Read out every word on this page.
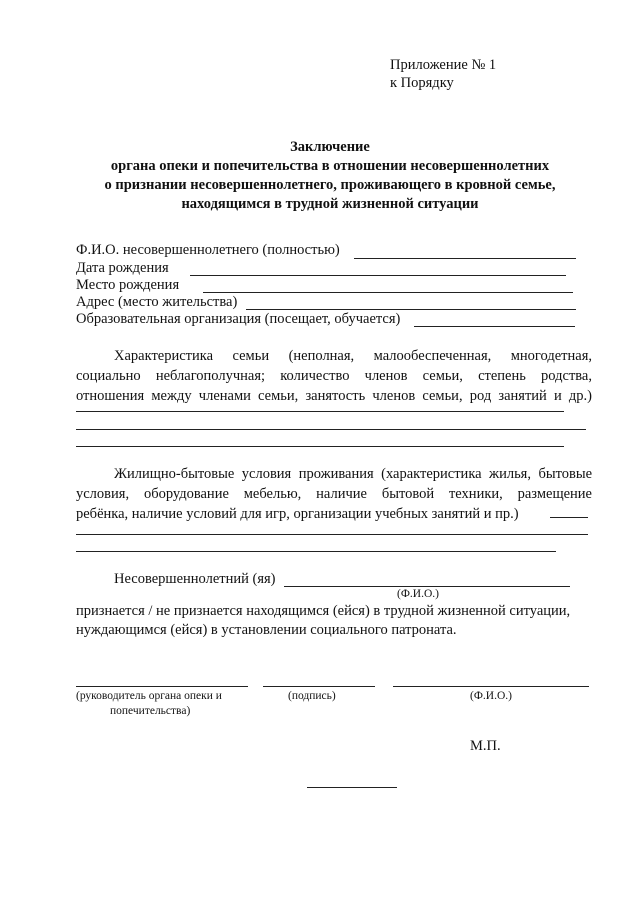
Приложение № 1
к Порядку
Заключение
органа опеки и попечительства в отношении несовершеннолетних
о признании несовершеннолетнего, проживающего в кровной семье,
находящимся в трудной жизненной ситуации
Ф.И.О. несовершеннолетнего (полностью)
Дата рождения
Место рождения
Адрес (место жительства)
Образовательная организация (посещает, обучается)
Характеристика семьи (неполная, малообеспеченная, многодетная,
социально неблагополучная; количество членов семьи, степень родства,
отношения между членами семьи, занятость членов семьи, род занятий и др.)
Жилищно-бытовые условия проживания (характеристика жилья, бытовые
условия, оборудование мебелью, наличие бытовой техники, размещение
ребёнка, наличие условий для игр, организации учебных занятий и пр.)
Несовершеннолетний (яя)
(Ф.И.О.)
признается / не признается находящимся (ейся) в трудной жизненной ситуации,
нуждающимся (ейся) в установлении социального патроната.
(руководитель органа опеки и
попечительства)
(подпись)	(Ф.И.О.)
М.П.
